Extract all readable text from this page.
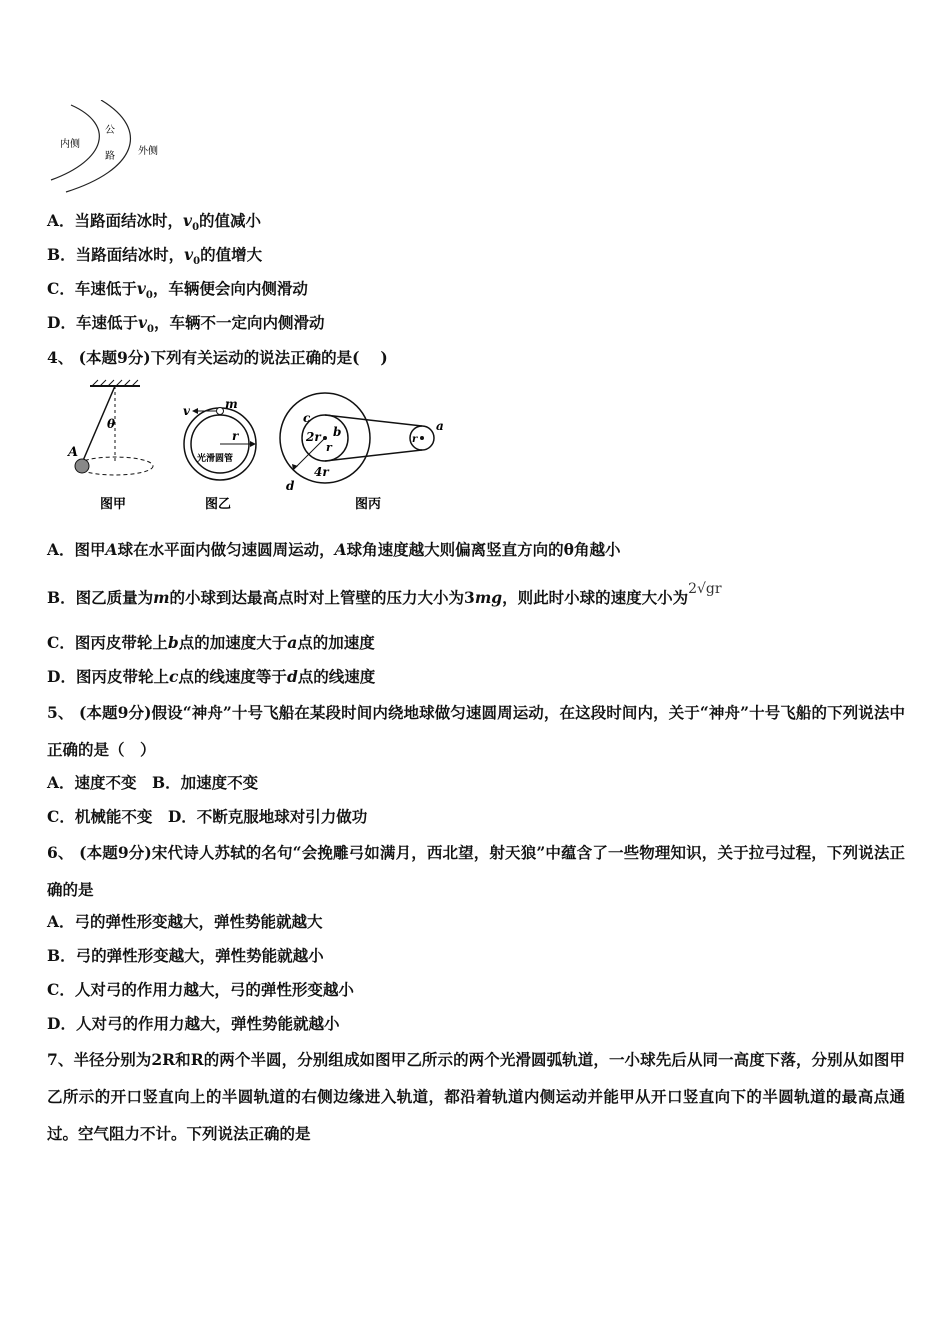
内侧
公
路 外侧
A．当路面结冰时，$v_0$的值减小
B．当路面结冰时，$v_0$的值增大
C．车速低于$v_0$，车辆便会向内侧滑动
D．车速低于$v_0$，车辆不一定向内侧滑动
4、 (本题9分)下列有关运动的说法正确的是(　 )
A
θ
图甲
v	m
r
光滑圆管
图乙
c
2r b
r
4r
d
a
r
图丙
A．图甲A球在水平面内做匀速圆周运动，A球角速度越大则偏离竖直方向的θ角越小
B．图乙质量为m的小球到达最高点时对上管壁的压力大小为3mg，则此时小球的速度大小为2√gr
C．图丙皮带轮上b点的加速度大于a点的加速度
D．图丙皮带轮上c点的线速度等于d点的线速度
5、 (本题9分)假设“神舟”十号飞船在某段时间内绕地球做匀速圆周运动，在这段时间内，关于“神舟”十号飞船的下列说法中正确的是（　）
A．速度不变　B．加速度不变
C．机械能不变　D．不断克服地球对引力做功
6、 (本题9分)宋代诗人苏轼的名句“会挽雕弓如满月，西北望，射天狼”中蕴含了一些物理知识，关于拉弓过程，下列说法正确的是
A．弓的弹性形变越大，弹性势能就越大
B．弓的弹性形变越大，弹性势能就越小
C．人对弓的作用力越大，弓的弹性形变越小
D．人对弓的作用力越大，弹性势能就越小
7、半径分别为2R和R的两个半圆，分别组成如图甲乙所示的两个光滑圆弧轨道，一小球先后从同一高度下落，分别从如图甲乙所示的开口竖直向上的半圆轨道的右侧边缘进入轨道，都沿着轨道内侧运动并能甲从开口竖直向下的半圆轨道的最高点通过。空气阻力不计。下列说法正确的是
